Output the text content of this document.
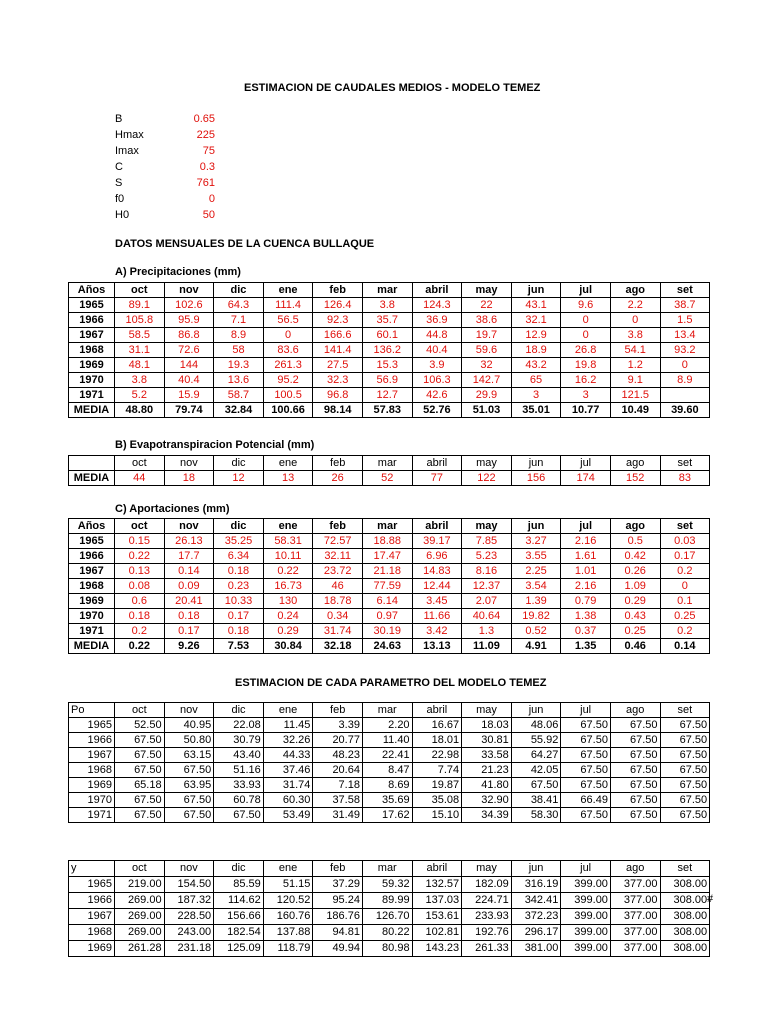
ESTIMACION DE CAUDALES MEDIOS - MODELO TEMEZ
B	0.65
Hmax	225
Imax	75
C	0.3
S	761
f0	0
H0	50
DATOS MENSUALES DE LA CUENCA BULLAQUE
A) Precipitaciones (mm)
Años	oct	nov	dic	ene	feb	mar	abril	may	jun	jul	ago	set
1965	89.1	102.6	64.3	111.4	126.4	3.8	124.3	22	43.1	9.6	2.2	38.7
1966	105.8	95.9	7.1	56.5	92.3	35.7	36.9	38.6	32.1	0	0	1.5
1967	58.5	86.8	8.9	0	166.6	60.1	44.8	19.7	12.9	0	3.8	13.4
1968	31.1	72.6	58	83.6	141.4	136.2	40.4	59.6	18.9	26.8	54.1	93.2
1969	48.1	144	19.3	261.3	27.5	15.3	3.9	32	43.2	19.8	1.2	0
1970	3.8	40.4	13.6	95.2	32.3	56.9	106.3	142.7	65	16.2	9.1	8.9
1971	5.2	15.9	58.7	100.5	96.8	12.7	42.6	29.9	3	3	121.5	
MEDIA	48.80	79.74	32.84	100.66	98.14	57.83	52.76	51.03	35.01	10.77	10.49	39.60
B) Evapotranspiracion Potencial (mm)
	oct	nov	dic	ene	feb	mar	abril	may	jun	jul	ago	set
MEDIA	44	18	12	13	26	52	77	122	156	174	152	83
C) Aportaciones (mm)
Años	oct	nov	dic	ene	feb	mar	abril	may	jun	jul	ago	set
1965	0.15	26.13	35.25	58.31	72.57	18.88	39.17	7.85	3.27	2.16	0.5	0.03
1966	0.22	17.7	6.34	10.11	32.11	17.47	6.96	5.23	3.55	1.61	0.42	0.17
1967	0.13	0.14	0.18	0.22	23.72	21.18	14.83	8.16	2.25	1.01	0.26	0.2
1968	0.08	0.09	0.23	16.73	46	77.59	12.44	12.37	3.54	2.16	1.09	0
1969	0.6	20.41	10.33	130	18.78	6.14	3.45	2.07	1.39	0.79	0.29	0.1
1970	0.18	0.18	0.17	0.24	0.34	0.97	11.66	40.64	19.82	1.38	0.43	0.25
1971	0.2	0.17	0.18	0.29	31.74	30.19	3.42	1.3	0.52	0.37	0.25	0.2
MEDIA	0.22	9.26	7.53	30.84	32.18	24.63	13.13	11.09	4.91	1.35	0.46	0.14
ESTIMACION DE CADA PARAMETRO DEL MODELO TEMEZ
Po	oct	nov	dic	ene	feb	mar	abril	may	jun	jul	ago	set
1965	52.50	40.95	22.08	11.45	3.39	2.20	16.67	18.03	48.06	67.50	67.50	67.50
1966	67.50	50.80	30.79	32.26	20.77	11.40	18.01	30.81	55.92	67.50	67.50	67.50
1967	67.50	63.15	43.40	44.33	48.23	22.41	22.98	33.58	64.27	67.50	67.50	67.50
1968	67.50	67.50	51.16	37.46	20.64	8.47	7.74	21.23	42.05	67.50	67.50	67.50
1969	65.18	63.95	33.93	31.74	7.18	8.69	19.87	41.80	67.50	67.50	67.50	67.50
1970	67.50	67.50	60.78	60.30	37.58	35.69	35.08	32.90	38.41	66.49	67.50	67.50
1971	67.50	67.50	67.50	53.49	31.49	17.62	15.10	34.39	58.30	67.50	67.50	67.50
y	oct	nov	dic	ene	feb	mar	abril	may	jun	jul	ago	set
1965	219.00	154.50	85.59	51.15	37.29	59.32	132.57	182.09	316.19	399.00	377.00	308.00
1966	269.00	187.32	114.62	120.52	95.24	89.99	137.03	224.71	342.41	399.00	377.00	308.00
1967	269.00	228.50	156.66	160.76	186.76	126.70	153.61	233.93	372.23	399.00	377.00	308.00
1968	269.00	243.00	182.54	137.88	94.81	80.22	102.81	192.76	296.17	399.00	377.00	308.00
1969	261.28	231.18	125.09	118.79	49.94	80.98	143.23	261.33	381.00	399.00	377.00	308.00
#
